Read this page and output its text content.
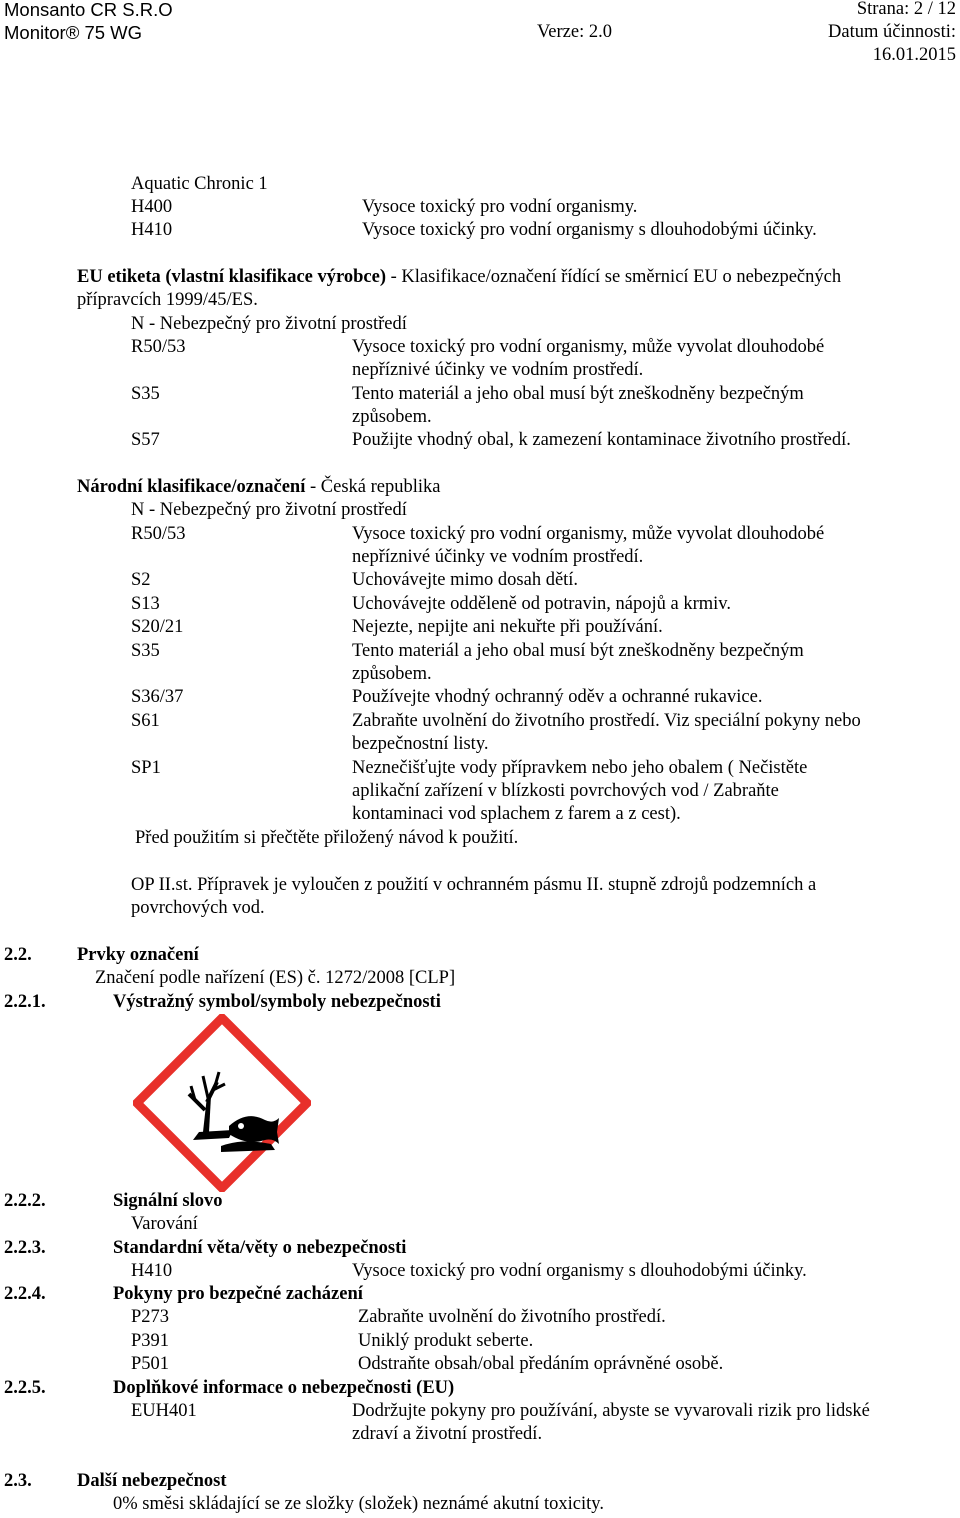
Monsanto CR S.R.O	Strana: 2 / 12
Monitor® 75 WG	Verze: 2.0	Datum účinnosti:
16.01.2015
Aquatic Chronic 1
H400	Vysoce toxický pro vodní organismy.
H410	Vysoce toxický pro vodní organismy s dlouhodobými účinky.
EU etiketa (vlastní klasifikace výrobce) - Klasifikace/označení řídící se směrnicí EU o nebezpečných
přípravcích 1999/45/ES.
N - Nebezpečný pro životní prostředí
R50/53	Vysoce toxický pro vodní organismy, může vyvolat dlouhodobé
nepříznivé účinky ve vodním prostředí.
S35	Tento materiál a jeho obal musí být zneškodněny bezpečným
způsobem.
S57	Použijte vhodný obal, k zamezení kontaminace životního prostředí.
Národní klasifikace/označení - Česká republika
N - Nebezpečný pro životní prostředí
R50/53	Vysoce toxický pro vodní organismy, může vyvolat dlouhodobé
nepříznivé účinky ve vodním prostředí.
S2	Uchovávejte mimo dosah dětí.
S13	Uchovávejte odděleně od potravin, nápojů a krmiv.
S20/21	Nejezte, nepijte ani nekuřte při používání.
S35	Tento materiál a jeho obal musí být zneškodněny bezpečným
způsobem.
S36/37	Používejte vhodný ochranný oděv a ochranné rukavice.
S61	Zabraňte uvolnění do životního prostředí. Viz speciální pokyny nebo
bezpečnostní listy.
SP1	Neznečišťujte vody přípravkem nebo jeho obalem ( Nečistěte
aplikační zařízení v blízkosti povrchových vod / Zabraňte
kontaminaci vod splachem z farem a z cest).
Před použitím si přečtěte přiložený návod k použití.
OP II.st. Přípravek je vyloučen z použití v ochranném pásmu II. stupně zdrojů podzemních a
povrchových vod.
2.2. Prvky označení
Značení podle nařízení (ES) č. 1272/2008 [CLP]
2.2.1.	Výstražný symbol/symboly nebezpečnosti
2.2.2.	Signální slovo
Varování
2.2.3.	Standardní věta/věty o nebezpečnosti
H410	Vysoce toxický pro vodní organismy s dlouhodobými účinky.
2.2.4.	Pokyny pro bezpečné zacházení
P273	Zabraňte uvolnění do životního prostředí.
P391	Uniklý produkt seberte.
P501	Odstraňte obsah/obal předáním oprávněné osobě.
2.2.5.	Doplňkové informace o nebezpečnosti (EU)
EUH401	Dodržujte pokyny pro používání, abyste se vyvarovali rizik pro lidské
zdraví a životní prostředí.
2.3. Další nebezpečnost
0% směsi skládající se ze složky (složek) neznámé akutní toxicity.
